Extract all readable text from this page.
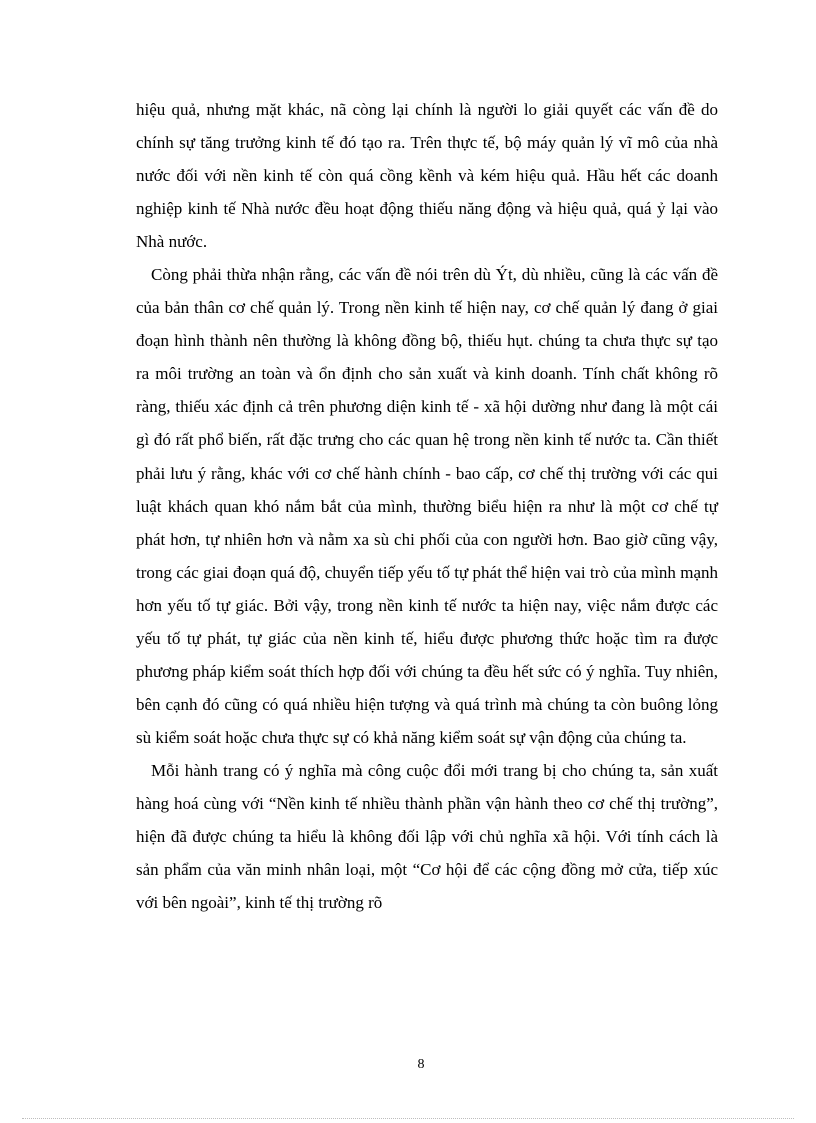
hiệu quả, nhưng mặt khác, nã còng lại chính là người lo giải quyết các vấn đề do chính sự tăng trưởng kinh tế đó tạo ra. Trên thực tế, bộ máy quản lý vĩ mô của nhà nước đối với nền kinh tế còn quá cồng kềnh và kém hiệu quả. Hầu hết các doanh nghiệp kinh tế Nhà nước đều hoạt động thiếu năng động và hiệu quả, quá ỷ lại vào Nhà nước.

Còng phải thừa nhận rằng, các vấn đề nói trên dù Ýt, dù nhiều, cũng là các vấn đề của bản thân cơ chế quản lý. Trong nền kinh tế hiện nay, cơ chế quản lý đang ở giai đoạn hình thành nên thường là không đồng bộ, thiếu hụt. chúng ta chưa thực sự tạo ra môi trường an toàn và ổn định cho sản xuất và kinh doanh. Tính chất không rõ ràng, thiếu xác định cả trên phương diện kinh tế - xã hội dường như đang là một cái gì đó rất phổ biến, rất đặc trưng cho các quan hệ trong nền kinh tế nước ta. Cần thiết phải lưu ý rằng, khác với cơ chế hành chính - bao cấp, cơ chế thị trường với các qui luật khách quan khó nắm bắt của mình, thường biểu hiện ra như là một cơ chế tự phát hơn, tự nhiên hơn và nằm xa sù chi phối của con người hơn. Bao giờ cũng vậy, trong các giai đoạn quá độ, chuyển tiếp yếu tố tự phát thể hiện vai trò của mình mạnh hơn yếu tố tự giác. Bởi vậy, trong nền kinh tế nước ta hiện nay, việc nắm được các yếu tố tự phát, tự giác của nền kinh tế, hiểu được phương thức hoặc tìm ra được phương pháp kiểm soát thích hợp đối với chúng ta đều hết sức có ý nghĩa. Tuy nhiên, bên cạnh đó cũng có quá nhiều hiện tượng và quá trình mà chúng ta còn buông lỏng sù kiểm soát hoặc chưa thực sự có khả năng kiểm soát sự vận động của chúng ta.

Mỗi hành trang có ý nghĩa mà công cuộc đổi mới trang bị cho chúng ta, sản xuất hàng hoá cùng với “Nền kinh tế nhiều thành phần vận hành theo cơ chế thị trường”, hiện đã được chúng ta hiểu là không đối lập với chủ nghĩa xã hội. Với tính cách là sản phẩm của văn minh nhân loại, một “Cơ hội để các cộng đồng mở cửa, tiếp xúc với bên ngoài”, kinh tế thị trường rõ

8
